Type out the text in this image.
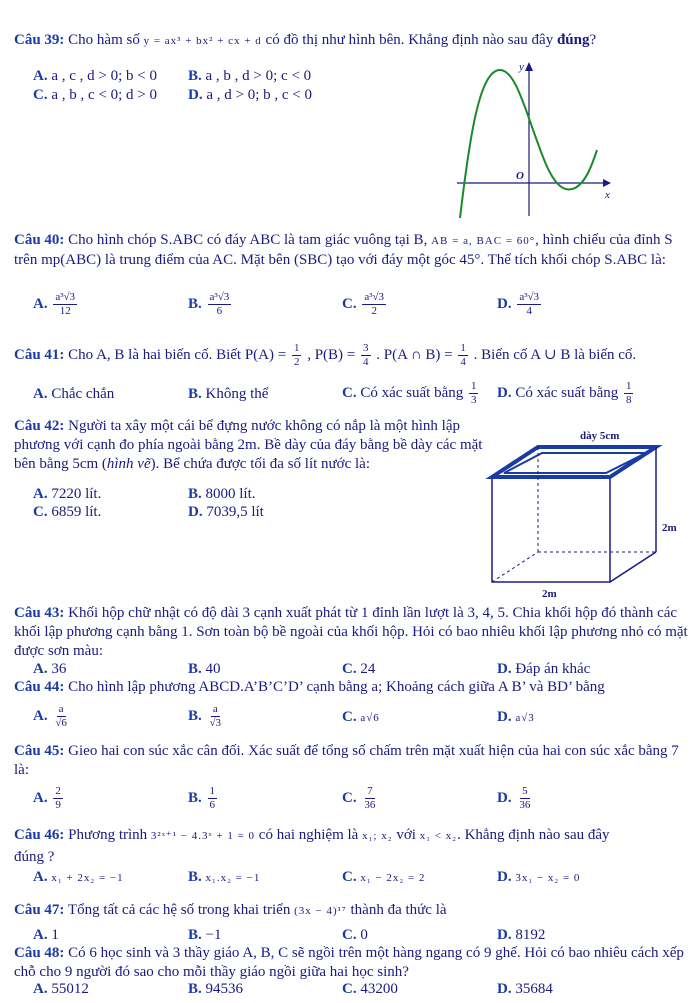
Câu 39: Cho hàm số y = ax³ + bx² + cx + d có đồ thị như hình bên. Khẳng định nào sau đây đúng?
A. a , c , d > 0; b < 0 B. a , b , d > 0; c < 0
C. a , b , c < 0; d > 0 D. a , d > 0; b , c < 0
y
x
O
Câu 40: Cho hình chóp S.ABC có đáy ABC là tam giác vuông tại B, AB = a, BAC = 60°, hình chiếu của đỉnh S trên mp(ABC) là trung điểm của AC. Mặt bên (SBC) tạo với đáy một góc 45°. Thể tích khối chóp S.ABC là:
A. $\frac{\text{a³√3}}{12}$	B. $\frac{\text{a³√3}}{6}$	C. $\frac{\text{a³√3}}{2}$	D. $\frac{\text{a³√3}}{4}$
Câu 41: Cho A, B là hai biến cố. Biết $P(A) = \frac{1}{2}$ , $P(B) = \frac{3}{4}$ . P(A ∩ $B) = \frac{1}{4}$ . Biến cố A ∪ B là biến cố.
A. Chắc chắn	B. Không thể	C. Có xác suất bằng $\frac{1}{3} D$. Có xác suất bằng $\frac{1}{8}$
Câu 42: Người ta xây một cái bể đựng nước không có nắp là một hình lập phương với cạnh đo phía ngoài bằng 2m. Bề dày của đáy bằng bề dày các mặt bên bằng 5cm (hình vẽ). Bể chứa được tối đa số lít nước là:
A. 7220 lít.	B. 8000 lít.
C. 6859 lít.	D. 7039,5 lít
dày 5cm
2m
2m
Câu 43: Khối hộp chữ nhật có độ dài 3 cạnh xuất phát từ 1 đỉnh lần lượt là 3, 4, 5. Chia khối hộp đó thành các khối lập phương cạnh bằng 1. Sơn toàn bộ bề ngoài của khối hộp. Hỏi có bao nhiêu khối lập phương nhỏ có mặt được sơn màu:
A. 36	B. 40	C. 24	D. Đáp án khác
Câu 44: Cho hình lập phương ABCD.A’B’C’D’ cạnh bằng a; Khoảng cách giữa A B’ và BD’ bằng
A. $\frac{a}{√6}$	B. $\frac{a}{√3}$	C. a√6	D. a√3
Câu 45: Gieo hai con súc xắc cân đối. Xác suất để tổng số chấm trên mặt xuất hiện của hai con súc xắc bằng 7 là:
A. $\frac{2}{9}$	B. $\frac{1}{6}$	C. $\frac{7}{36}$	D. $\frac{5}{36}$
Câu 46: Phương trình 3²ˣ⁺¹ − 4.3ˣ + 1 = 0 có hai nghiệm là x₁; x₂ với x₁ < x₂. Khẳng định nào sau đây
đúng ?
A. x₁ + 2x₂ = −1	B. x₁.x₂ = −1	C. x₁ − 2x₂ = 2	D. 3x₁ − x₂ = 0
Câu 47: Tổng tất cả các hệ số trong khai triển (3x − 4)¹⁷ thành đa thức là
A. 1	B. −1	C. 0	D. 8192
Câu 48: Có 6 học sinh và 3 thầy giáo A, B, C sẽ ngồi trên một hàng ngang có 9 ghế. Hỏi có bao nhiêu cách xếp chỗ cho 9 người đó sao cho mỗi thầy giáo ngồi giữa hai học sinh?
A. 55012	B. 94536	C. 43200	D. 35684
